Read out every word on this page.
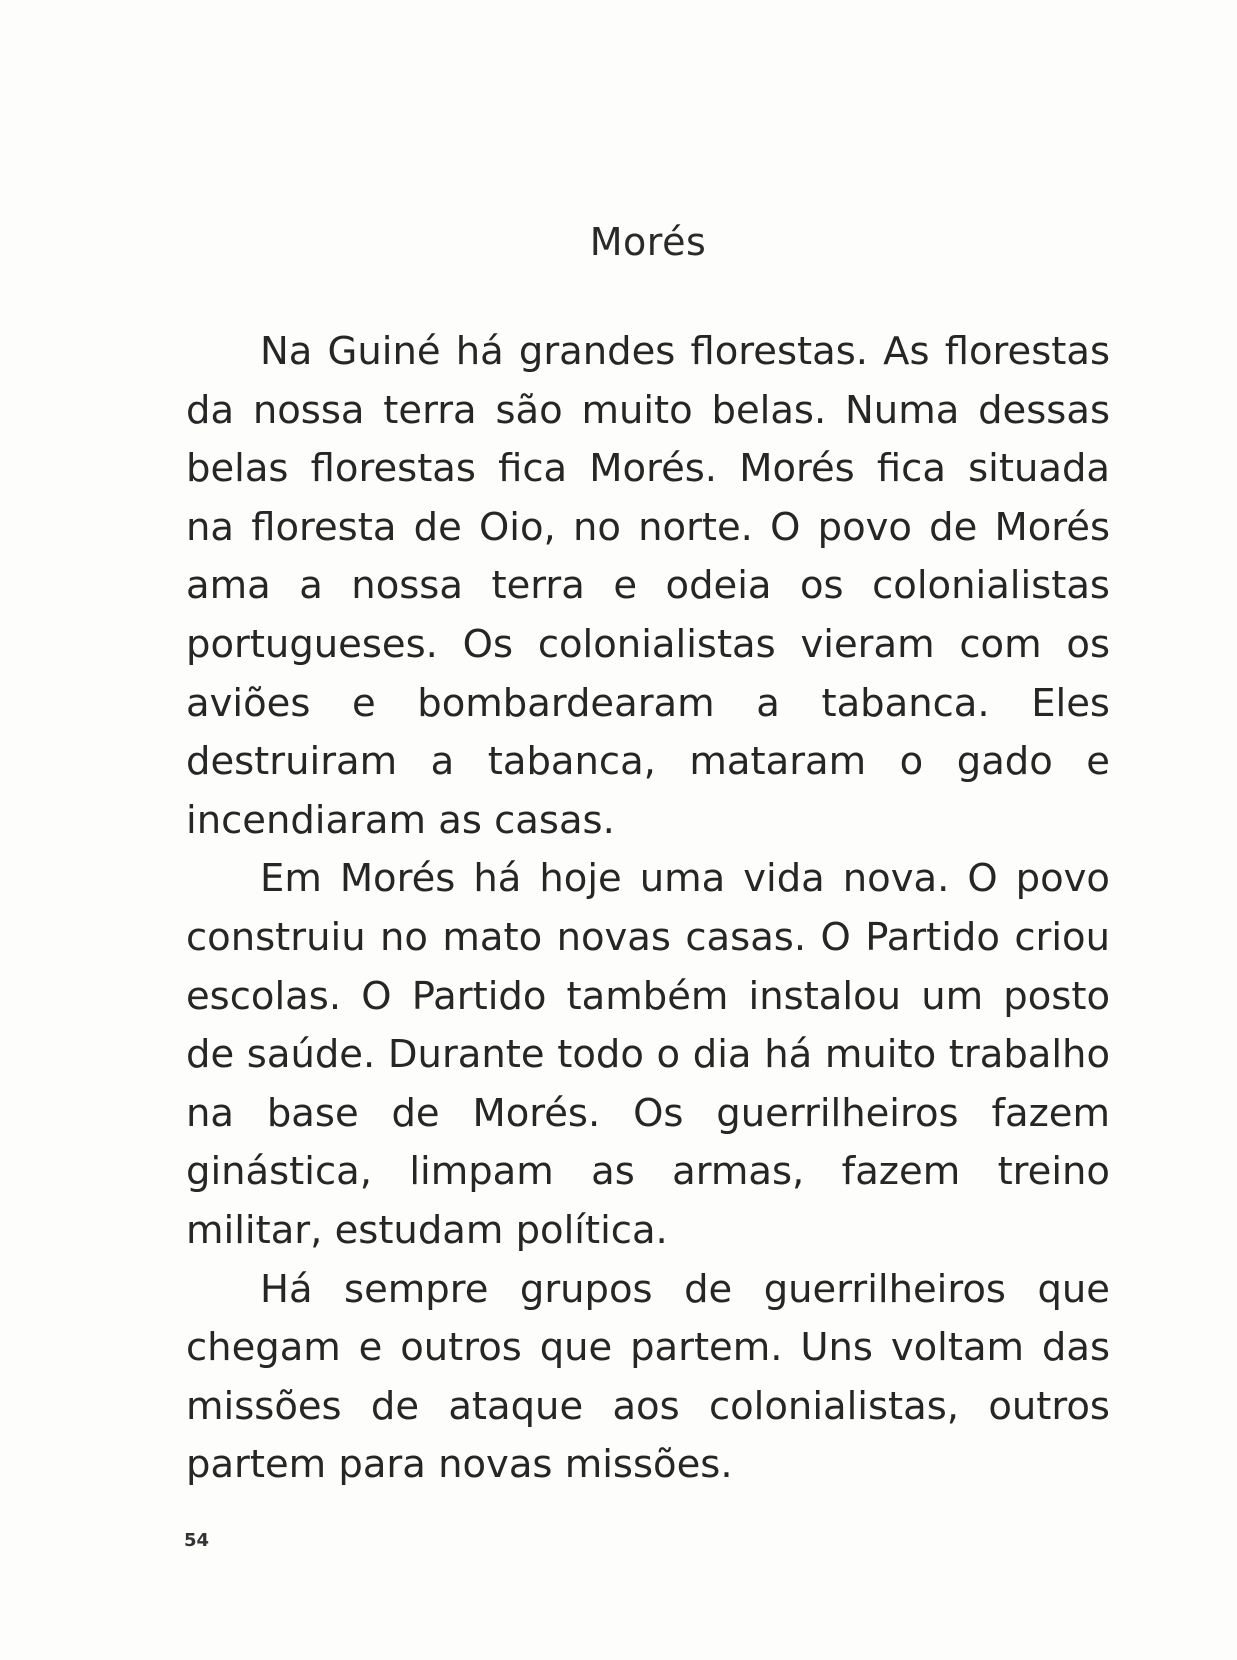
Morés

Na Guiné há grandes florestas. As florestas da nossa terra são muito belas. Numa dessas belas florestas fica Morés. Morés fica situada na floresta de Oio, no norte. O povo de Morés ama a nossa terra e odeia os colonialistas portugueses. Os colonialistas vieram com os aviões e bombardearam a tabanca. Eles destruiram a tabanca, mataram o gado e incendiaram as casas.

Em Morés há hoje uma vida nova. O povo construiu no mato novas casas. O Partido criou escolas. O Partido também instalou um posto de saúde. Durante todo o dia há muito trabalho na base de Morés. Os guerrilheiros fazem ginástica, limpam as armas, fazem treino militar, estudam política.

Há sempre grupos de guerrilheiros que chegam e outros que partem. Uns voltam das missões de ataque aos colonialistas, outros partem para novas missões.

54
